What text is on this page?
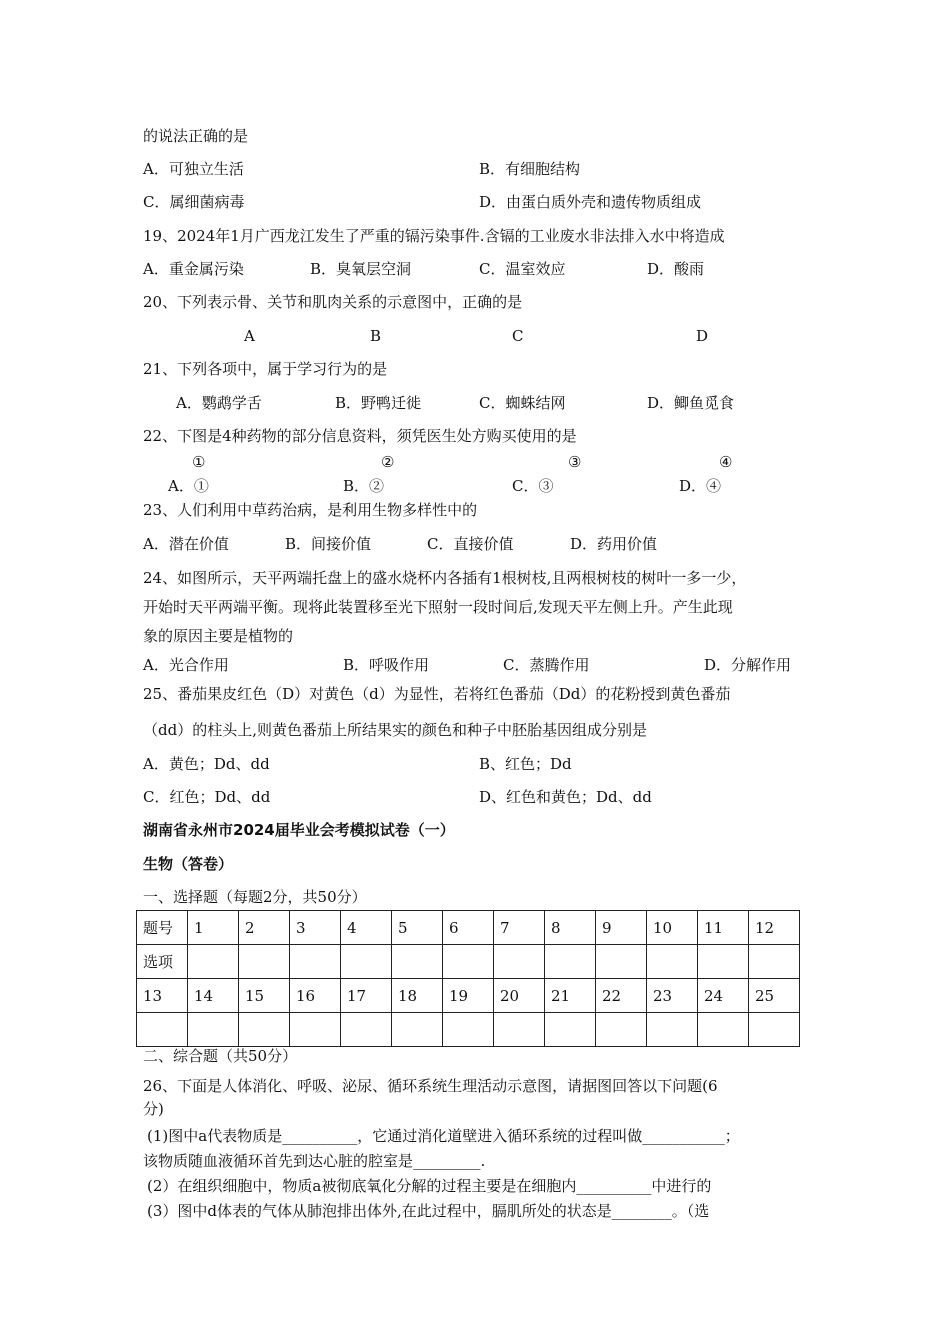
的说法正确的是
A．可独立生活	B．有细胞结构
C．属细菌病毒	D．由蛋白质外壳和遗传物质组成
19、2024年1月广西龙江发生了严重的镉污染事件.含镉的工业废水非法排入水中将造成
A．重金属污染	B．臭氧层空洞	C．温室效应	D．酸雨
20、下列表示骨、关节和肌肉关系的示意图中，正确的是
A	B	C	D
21、下列各项中，属于学习行为的是
A．鹦鹉学舌	B．野鸭迁徙	C．蜘蛛结网	D．鲫鱼觅食
22、下图是4种药物的部分信息资料，须凭医生处方购买使用的是
①	②	③	④
A．①	B．②	C．③	D．④
23、人们利用中草药治病，是利用生物多样性中的
A．潜在价值	B．间接价值	C．直接价值	D．药用价值
24、如图所示，天平两端托盘上的盛水烧杯内各插有1根树枝,且两根树枝的树叶一多一少，
开始时天平两端平衡。现将此装置移至光下照射一段时间后,发现天平左侧上升。产生此现
象的原因主要是植物的
A．光合作用	B．呼吸作用	C．蒸腾作用	D．分解作用
25、番茄果皮红色（D）对黄色（d）为显性，若将红色番茄（Dd）的花粉授到黄色番茄
（dd）的柱头上,则黄色番茄上所结果实的颜色和种子中胚胎基因组成分别是
A．黄色；Dd、dd	B、红色；Dd
C．红色；Dd、dd	D、红色和黄色；Dd、dd
湖南省永州市2024届毕业会考模拟试卷（一）
生物（答卷）
一、选择题（每题2分，共50分）
题号	1	2	3	4	5	6	7	8	9	10	11	12
选项												
13	14	15	16	17	18	19	20	21	22	23	24	25

二、综合题（共50分）
26、下面是人体消化、呼吸、泌尿、循环系统生理活动示意图，请据图回答以下问题(6
分)
(1)图中a代表物质是__________，它通过消化道壁进入循环系统的过程叫做___________；
该物质随血液循环首先到达心脏的腔室是_________.
(2）在组织细胞中，物质a被彻底氧化分解的过程主要是在细胞内__________中进行的
(3）图中d体表的气体从肺泡排出体外,在此过程中，膈肌所处的状态是________。（选
